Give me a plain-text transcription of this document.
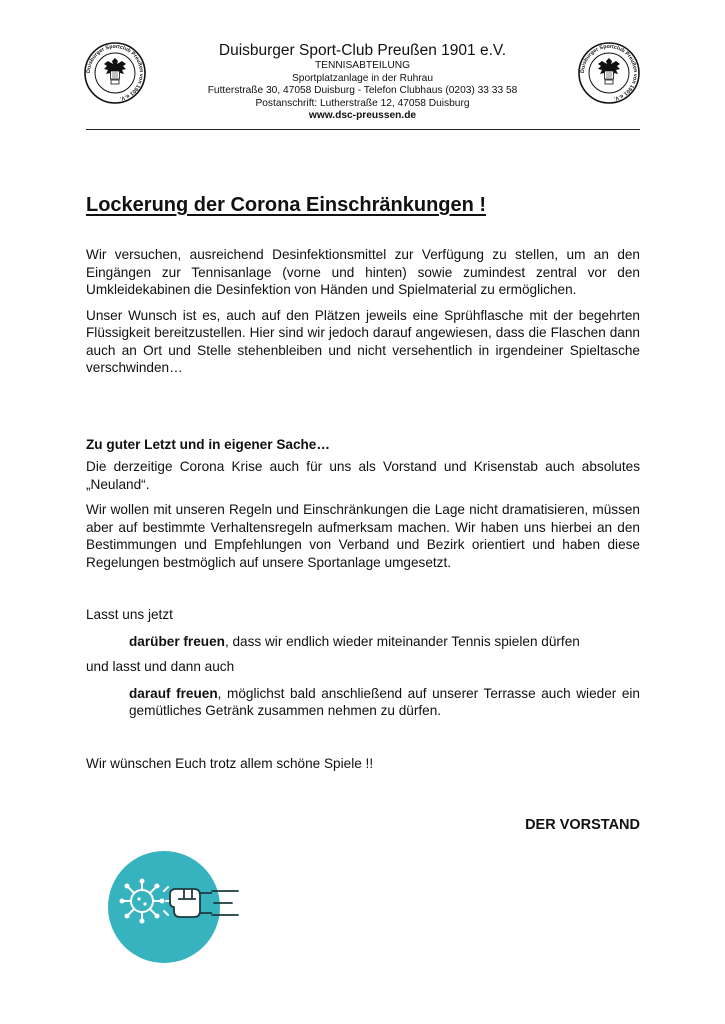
Duisburger Sportclub Preußen von 1901 e.V.
Duisburger Sportclub Preußen von 1901 e.V.
Duisburger Sport-Club Preußen 1901 e.V.
TENNISABTEILUNG
Sportplatzanlage in der Ruhrau
Futterstraße 30, 47058 Duisburg - Telefon Clubhaus (0203) 33 33 58
Postanschrift: Lutherstraße 12, 47058 Duisburg
www.dsc-preussen.de
Lockerung der Corona Einschränkungen !

Wir versuchen, ausreichend Desinfektionsmittel zur Verfügung zu stellen, um an den Eingängen zur Tennisanlage (vorne und hinten) sowie zumindest zentral vor den Umkleidekabinen die Desinfektion von Händen und Spielmaterial zu ermöglichen.

Unser Wunsch ist es, auch auf den Plätzen jeweils eine Sprühflasche mit der begehrten Flüssigkeit bereitzustellen. Hier sind wir jedoch darauf angewiesen, dass die Flaschen dann auch an Ort und Stelle stehenbleiben und nicht versehentlich in irgendeiner Spieltasche verschwinden…

Zu guter Letzt und in eigener Sache…

Die derzeitige Corona Krise auch für uns als Vorstand und Krisenstab auch absolutes „Neuland“.

Wir wollen mit unseren Regeln und Einschränkungen die Lage nicht dramatisieren, müssen aber auf bestimmte Verhaltensregeln aufmerksam machen. Wir haben uns hierbei an den Bestimmungen und Empfehlungen von Verband und Bezirk orientiert und haben diese Regelungen bestmöglich auf unsere Sportanlage umgesetzt.

Lasst uns jetzt

darüber freuen, dass wir endlich wieder miteinander Tennis spielen dürfen

und lasst und dann auch

darauf freuen, möglichst bald anschließend auf unserer Terrasse auch wieder ein gemütliches Getränk zusammen nehmen zu dürfen.

Wir wünschen Euch trotz allem schöne Spiele !!

DER VORSTAND
